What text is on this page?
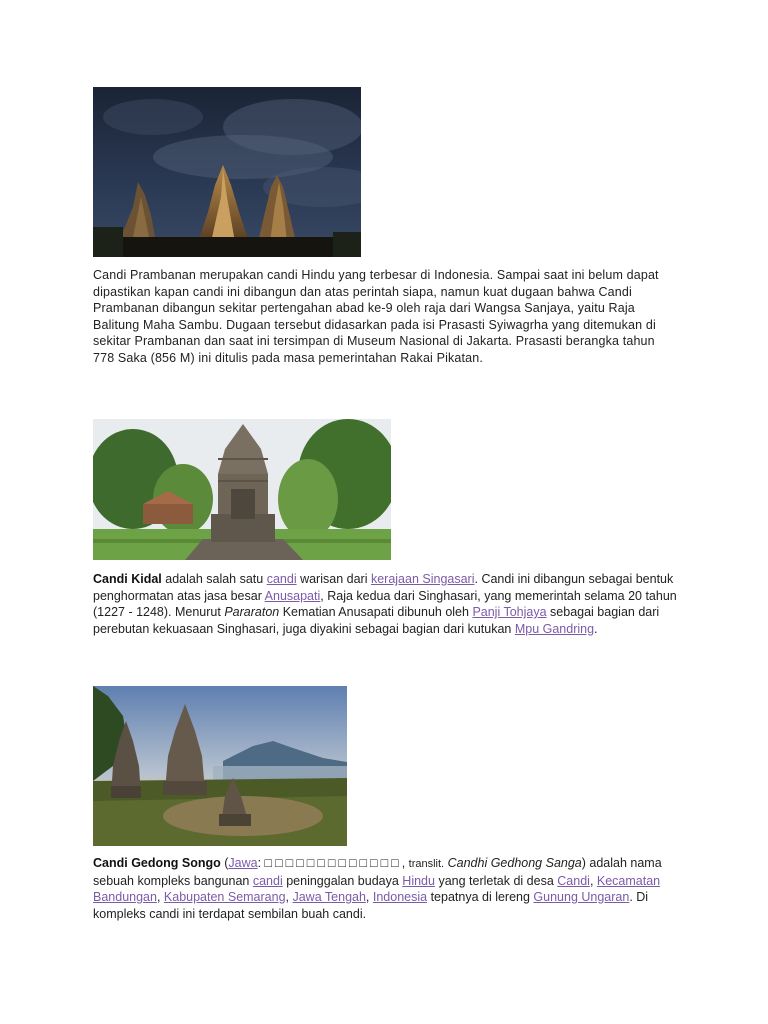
Candi Prambanan merupakan candi Hindu yang terbesar di Indonesia. Sampai saat ini belum dapat dipastikan kapan candi ini dibangun dan atas perintah siapa, namun kuat dugaan bahwa Candi Prambanan dibangun sekitar pertengahan abad ke-9 oleh raja dari Wangsa Sanjaya, yaitu Raja Balitung Maha Sambu. Dugaan tersebut didasarkan pada isi Prasasti Syiwagrha yang ditemukan di sekitar Prambanan dan saat ini tersimpan di Museum Nasional di Jakarta. Prasasti berangka tahun 778 Saka (856 M) ini ditulis pada masa pemerintahan Rakai Pikatan.

Candi Kidal adalah salah satu candi warisan dari kerajaan Singasari. Candi ini dibangun sebagai bentuk penghormatan atas jasa besar Anusapati, Raja kedua dari Singhasari, yang memerintah selama 20 tahun (1227 - 1248). Menurut Pararaton Kematian Anusapati dibunuh oleh Panji Tohjaya sebagai bagian dari perebutan kekuasaan Singhasari, juga diyakini sebagai bagian dari kutukan Mpu Gandring.

Candi Gedong Songo (Jawa: □□□□□□□□□□□□□, translit. Candhi Gedhong Sanga) adalah nama sebuah kompleks bangunan candi peninggalan budaya Hindu yang terletak di desa Candi, Kecamatan Bandungan, Kabupaten Semarang, Jawa Tengah, Indonesia tepatnya di lereng Gunung Ungaran. Di kompleks candi ini terdapat sembilan buah candi.
